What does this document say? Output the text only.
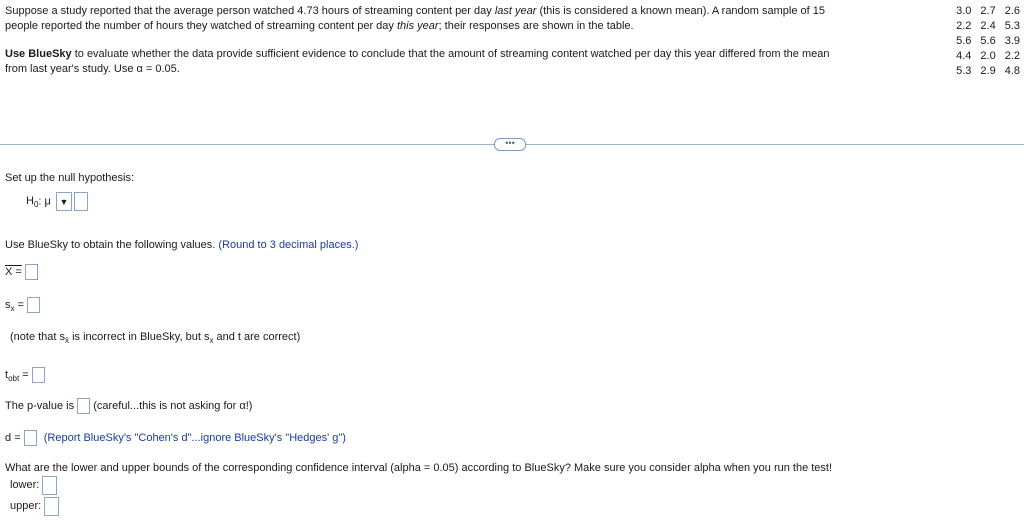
Suppose a study reported that the average person watched 4.73 hours of streaming content per day last year (this is considered a known mean). A random sample of 15

people reported the number of hours they watched of streaming content per day this year; their responses are shown in the table.

Use BlueSky to evaluate whether the data provide sufficient evidence to conclude that the amount of streaming content watched per day this year differed from the mean

from last year's study. Use α = 0.05.

3.0	2.7	2.6
2.2	2.4	5.3
5.6	5.6	3.9
4.4	2.0	2.2
5.3	2.9	4.8
•••
Set up the null hypothesis:
$H_0$: μ ▼
Use BlueSky to obtain the following values. (Round to 3 decimal places.)
X =
$s_x$ =
(note that $s_{x̄}$ is incorrect in BlueSky, but $s_x$ and t are correct)
$t_{obt}$ =
The p-value is (careful...this is not asking for α!)
d = (Report BlueSky's "Cohen's d"...ignore BlueSky's "Hedges' g")
What are the lower and upper bounds of the corresponding confidence interval (alpha = 0.05) according to BlueSky? Make sure you consider alpha when you run the test!
lower:
upper:
